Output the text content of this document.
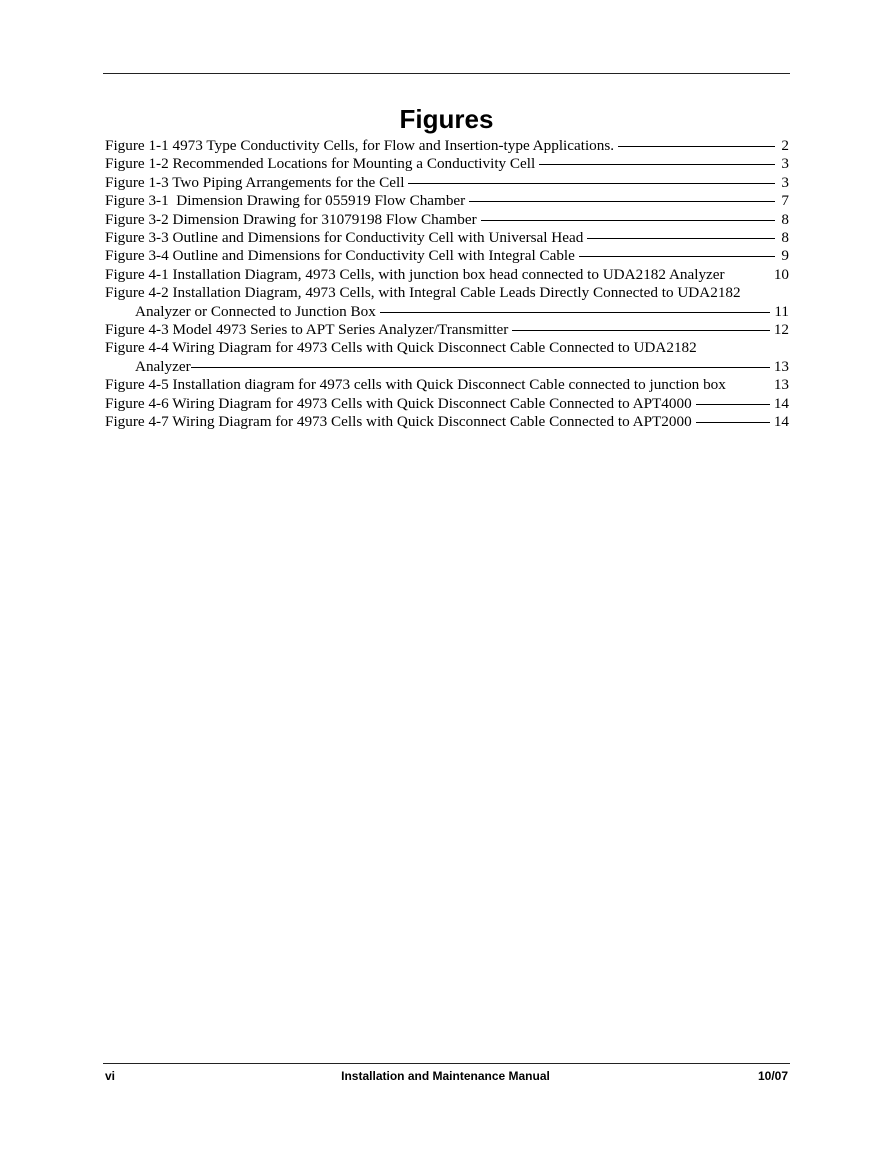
Figures
Figure 1-1 4973 Type Conductivity Cells, for Flow and Insertion-type Applications.	2
Figure 1-2 Recommended Locations for Mounting a Conductivity Cell	3
Figure 1-3 Two Piping Arrangements for the Cell	3
Figure 3-1  Dimension Drawing for 055919 Flow Chamber	7
Figure 3-2 Dimension Drawing for 31079198 Flow Chamber	8
Figure 3-3 Outline and Dimensions for Conductivity Cell with Universal Head	8
Figure 3-4 Outline and Dimensions for Conductivity Cell with Integral Cable	9
Figure 4-1 Installation Diagram, 4973 Cells, with junction box head connected to UDA2182 Analyzer	10
Figure 4-2 Installation Diagram, 4973 Cells, with Integral Cable Leads Directly Connected to UDA2182
Analyzer or Connected to Junction Box	11
Figure 4-3 Model 4973 Series to APT Series Analyzer/Transmitter	12
Figure 4-4 Wiring Diagram for 4973 Cells with Quick Disconnect Cable Connected to UDA2182
Analyzer	13
Figure 4-5 Installation diagram for 4973 cells with Quick Disconnect Cable connected to junction box	13
Figure 4-6 Wiring Diagram for 4973 Cells with Quick Disconnect Cable Connected to APT4000	14
Figure 4-7 Wiring Diagram for 4973 Cells with Quick Disconnect Cable Connected to APT2000	14
vi	Installation and Maintenance Manual	10/07
